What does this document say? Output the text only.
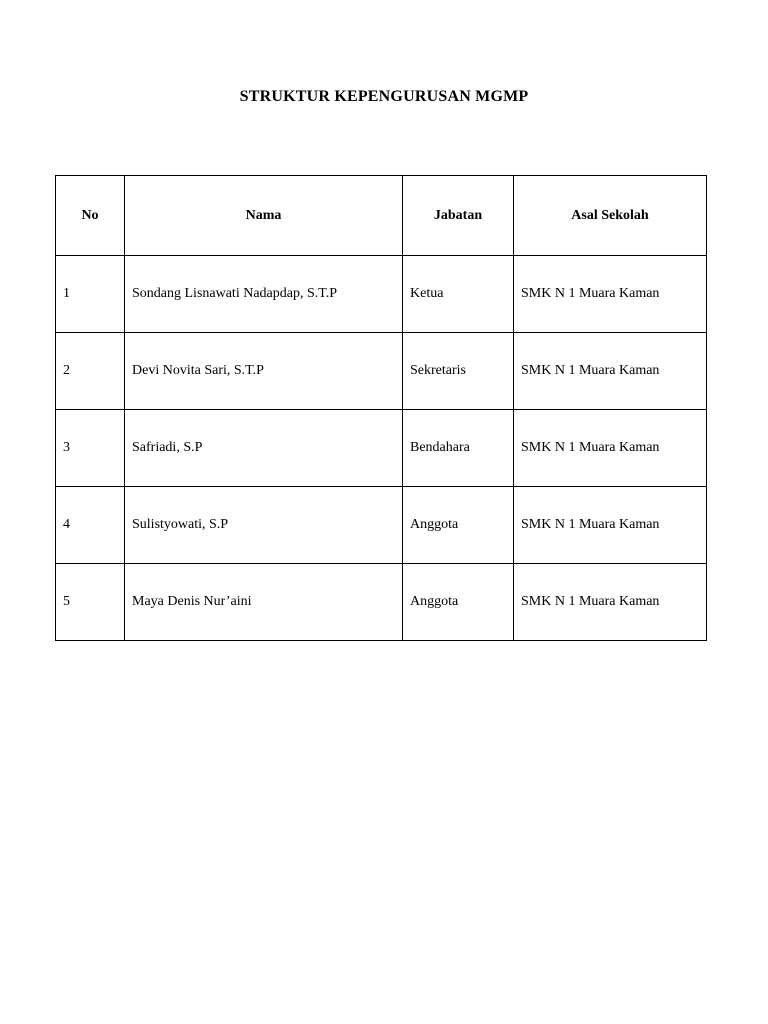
STRUKTUR KEPENGURUSAN MGMP
No	Nama	Jabatan	Asal Sekolah
1	Sondang Lisnawati Nadapdap, S.T.P	Ketua	SMK N 1 Muara Kaman
2	Devi Novita Sari, S.T.P	Sekretaris	SMK N 1 Muara Kaman
3	Safriadi, S.P	Bendahara	SMK N 1 Muara Kaman
4	Sulistyowati, S.P	Anggota	SMK N 1 Muara Kaman
5	Maya Denis Nur’aini	Anggota	SMK N 1 Muara Kaman
